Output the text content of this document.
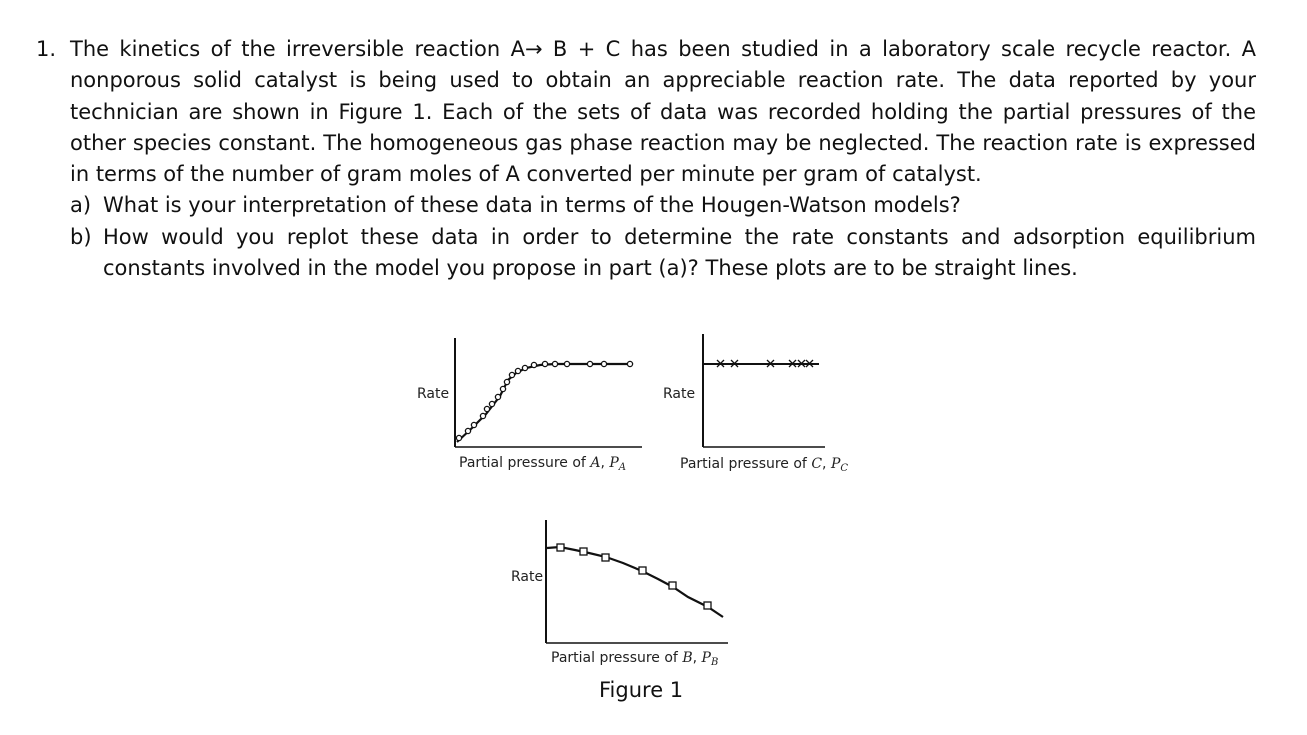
1. The kinetics of the irreversible reaction A→ B + C has been studied in a laboratory scale recycle reactor. A nonporous solid catalyst is being used to obtain an appreciable reaction rate. The data reported by your technician are shown in Figure 1. Each of the sets of data was recorded holding the partial pressures of the other species constant. The homogeneous gas phase reaction may be neglected. The reaction rate is expressed in terms of the number of gram moles of A converted per minute per gram of catalyst.
a) What is your interpretation of these data in terms of the Hougen-Watson models?
b) How would you replot these data in order to determine the rate constants and adsorption equilibrium constants involved in the model you propose in part (a)? These plots are to be straight lines.
Rate
Partial pressure of A, $P_A$
Rate
Partial pressure of C, $P_C$
Rate
Partial pressure of B, $P_B$
Figure 1
